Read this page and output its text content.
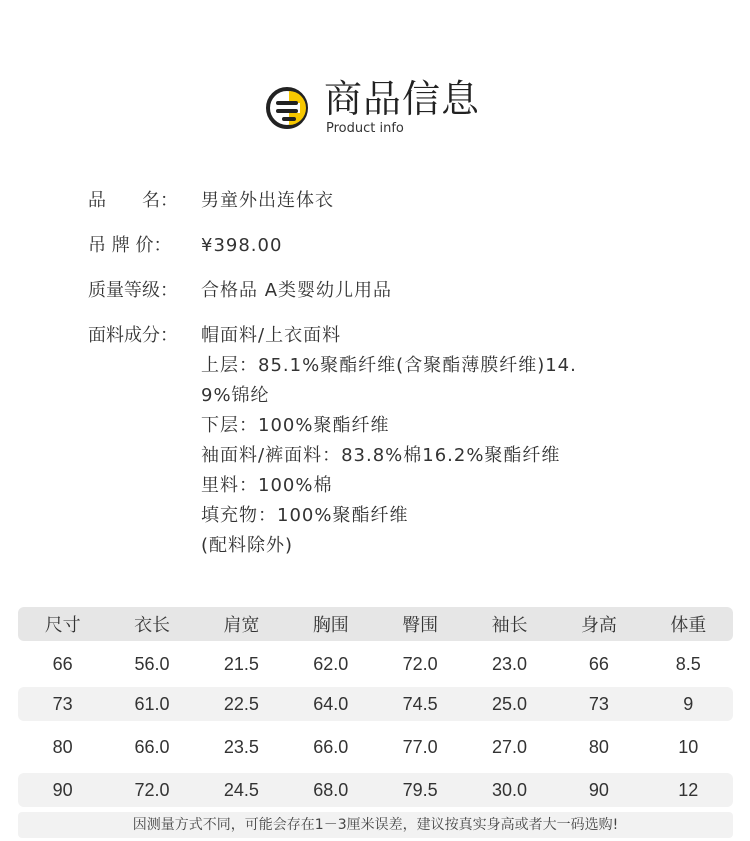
商品信息
Product info
品　　名：	男童外出连体衣
吊 牌 价：	¥398.00
质量等级：	合格品 A类婴幼儿用品
面料成分：	帽面料/上衣面料
上层：85.1%聚酯纤维(含聚酯薄膜纤维)14.
9%锦纶
下层：100%聚酯纤维
袖面料/裤面料：83.8%棉16.2%聚酯纤维
里料：100%棉
填充物：100%聚酯纤维
(配料除外)
尺寸	衣长	肩宽	胸围	臀围	袖长	身高	体重
66	56.0	21.5	62.0	72.0	23.0	66	8.5
73	61.0	22.5	64.0	74.5	25.0	73	9
80	66.0	23.5	66.0	77.0	27.0	80	10
90	72.0	24.5	68.0	79.5	30.0	90	12
因测量方式不同，可能会存在1－3厘米误差，建议按真实身高或者大一码选购!
